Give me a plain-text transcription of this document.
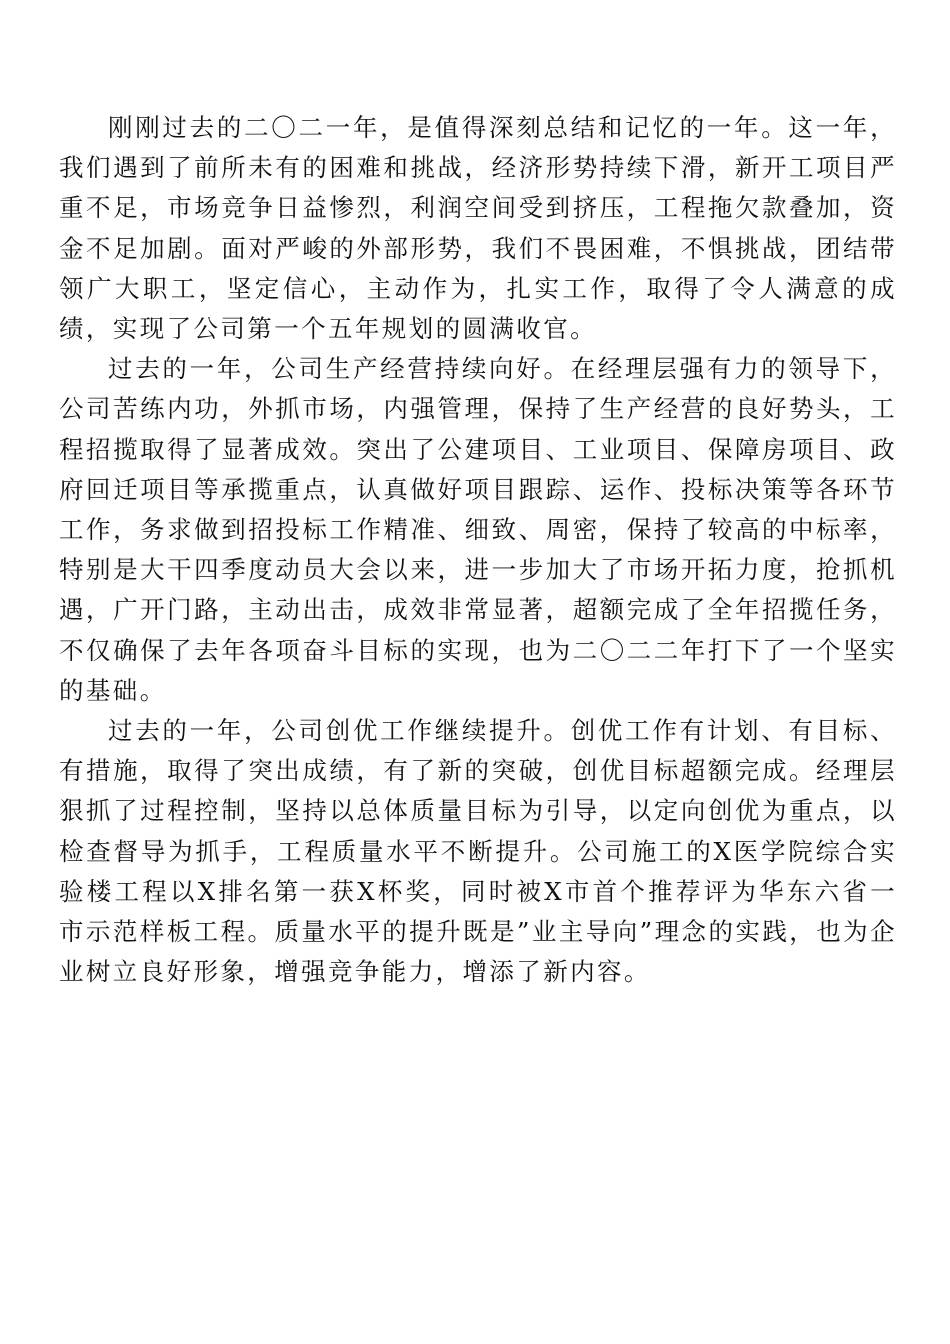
刚刚过去的二〇二一年，是值得深刻总结和记忆的一年。这一年，我们遇到了前所未有的困难和挑战，经济形势持续下滑，新开工项目严重不足，市场竞争日益惨烈，利润空间受到挤压，工程拖欠款叠加，资金不足加剧。面对严峻的外部形势，我们不畏困难，不惧挑战，团结带领广大职工，坚定信心，主动作为，扎实工作，取得了令人满意的成绩，实现了公司第一个五年规划的圆满收官。

过去的一年，公司生产经营持续向好。在经理层强有力的领导下，公司苦练内功，外抓市场，内强管理，保持了生产经营的良好势头，工程招揽取得了显著成效。突出了公建项目、工业项目、保障房项目、政府回迁项目等承揽重点，认真做好项目跟踪、运作、投标决策等各环节工作，务求做到招投标工作精准、细致、周密，保持了较高的中标率，特别是大干四季度动员大会以来，进一步加大了市场开拓力度，抢抓机遇，广开门路，主动出击，成效非常显著，超额完成了全年招揽任务，不仅确保了去年各项奋斗目标的实现，也为二〇二二年打下了一个坚实的基础。

过去的一年，公司创优工作继续提升。创优工作有计划、有目标、有措施，取得了突出成绩，有了新的突破，创优目标超额完成。经理层狠抓了过程控制，坚持以总体质量目标为引导，以定向创优为重点，以检查督导为抓手，工程质量水平不断提升。公司施工的X医学院综合实验楼工程以X排名第一获X杯奖，同时被X市首个推荐评为华东六省一市示范样板工程。质量水平的提升既是”业主导向”理念的实践，也为企业树立良好形象，增强竞争能力，增添了新内容。
